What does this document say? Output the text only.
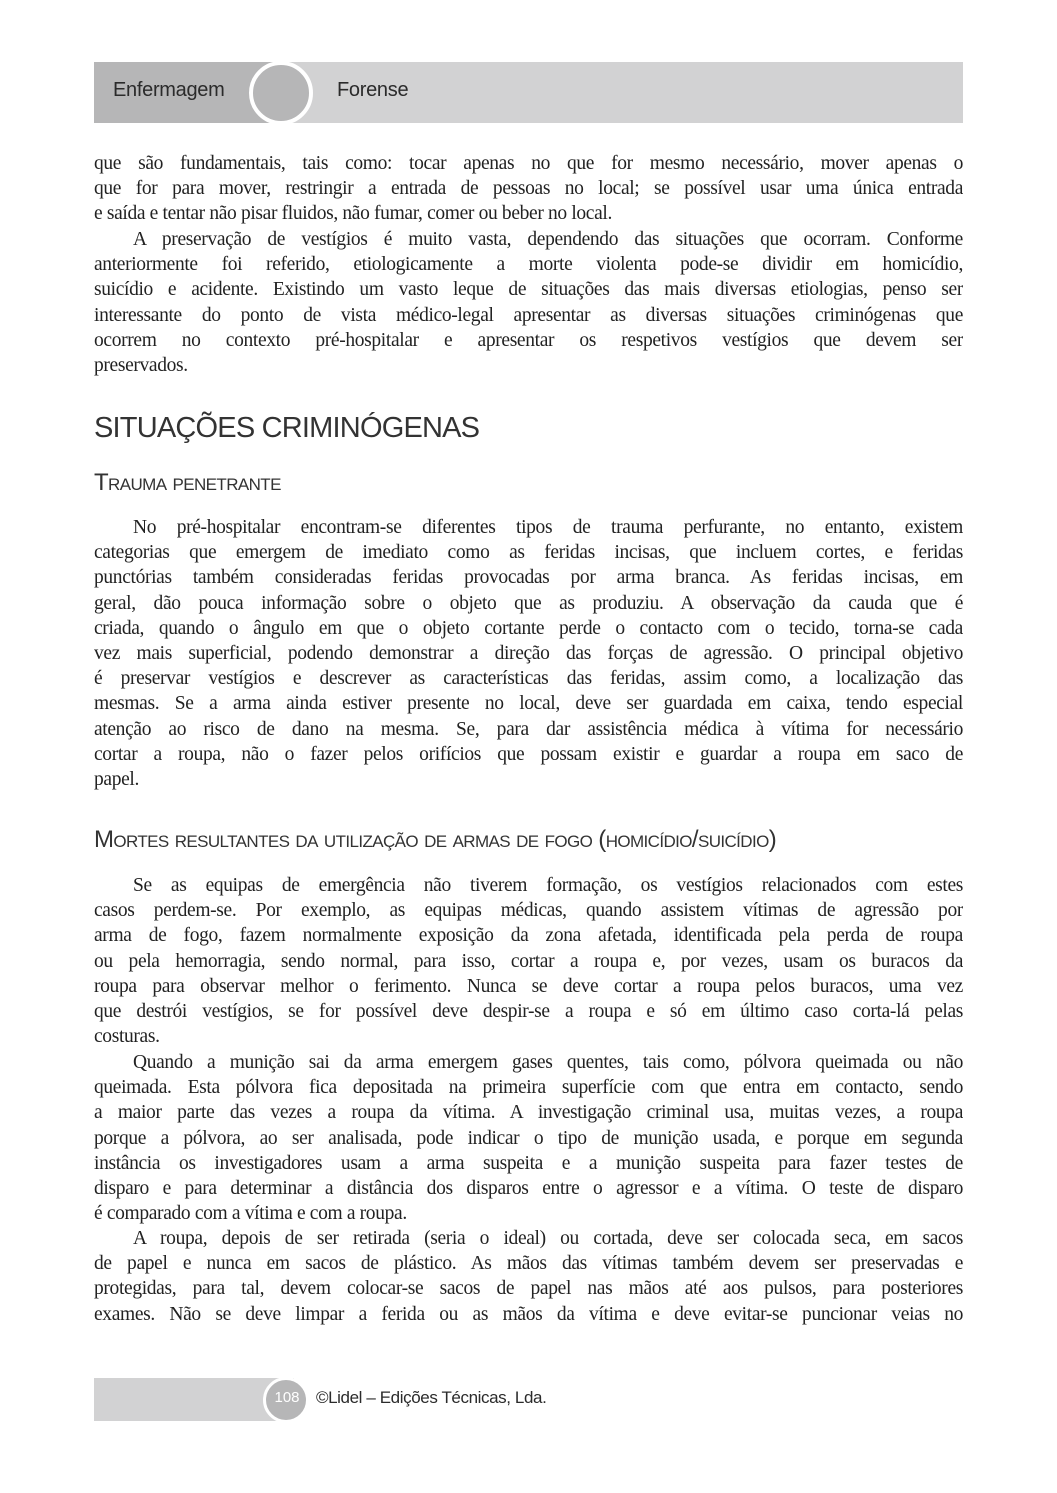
Enfermagem	Forense

que são fundamentais, tais como: tocar apenas no que for mesmo necessário, mover apenas o
que for para mover, restringir a entrada de pessoas no local; se possível usar uma única entrada
e saída e tentar não pisar fluidos, não fumar, comer ou beber no local.

A preservação de vestígios é muito vasta, dependendo das situações que ocorram. Conforme
anteriormente foi referido, etiologicamente a morte violenta pode-se dividir em homicídio,
suicídio e acidente. Existindo um vasto leque de situações das mais diversas etiologias, penso ser
interessante do ponto de vista médico-legal apresentar as diversas situações criminógenas que
ocorrem no contexto pré-hospitalar e apresentar os respetivos vestígios que devem ser
preservados.

SITUAÇÕES CRIMINÓGENAS
Trauma penetrante

No pré-hospitalar encontram-se diferentes tipos de trauma perfurante, no entanto, existem
categorias que emergem de imediato como as feridas incisas, que incluem cortes, e feridas
punctórias também consideradas feridas provocadas por arma branca. As feridas incisas, em
geral, dão pouca informação sobre o objeto que as produziu. A observação da cauda que é
criada, quando o ângulo em que o objeto cortante perde o contacto com o tecido, torna-se cada
vez mais superficial, podendo demonstrar a direção das forças de agressão. O principal objetivo
é preservar vestígios e descrever as características das feridas, assim como, a localização das
mesmas. Se a arma ainda estiver presente no local, deve ser guardada em caixa, tendo especial
atenção ao risco de dano na mesma. Se, para dar assistência médica à vítima for necessário
cortar a roupa, não o fazer pelos orifícios que possam existir e guardar a roupa em saco de
papel.

Mortes resultantes da utilização de armas de fogo (homicídio/suicídio)

Se as equipas de emergência não tiverem formação, os vestígios relacionados com estes
casos perdem-se. Por exemplo, as equipas médicas, quando assistem vítimas de agressão por
arma de fogo, fazem normalmente exposição da zona afetada, identificada pela perda de roupa
ou pela hemorragia, sendo normal, para isso, cortar a roupa e, por vezes, usam os buracos da
roupa para observar melhor o ferimento. Nunca se deve cortar a roupa pelos buracos, uma vez
que destrói vestígios, se for possível deve despir-se a roupa e só em último caso corta-lá pelas
costuras.

Quando a munição sai da arma emergem gases quentes, tais como, pólvora queimada ou não
queimada. Esta pólvora fica depositada na primeira superfície com que entra em contacto, sendo
a maior parte das vezes a roupa da vítima. A investigação criminal usa, muitas vezes, a roupa
porque a pólvora, ao ser analisada, pode indicar o tipo de munição usada, e porque em segunda
instância os investigadores usam a arma suspeita e a munição suspeita para fazer testes de
disparo e para determinar a distância dos disparos entre o agressor e a vítima. O teste de disparo
é comparado com a vítima e com a roupa.

A roupa, depois de ser retirada (seria o ideal) ou cortada, deve ser colocada seca, em sacos
de papel e nunca em sacos de plástico. As mãos das vítimas também devem ser preservadas e
protegidas, para tal, devem colocar-se sacos de papel nas mãos até aos pulsos, para posteriores
exames. Não se deve limpar a ferida ou as mãos da vítima e deve evitar-se puncionar veias no

108 ©Lidel – Edições Técnicas, Lda.
